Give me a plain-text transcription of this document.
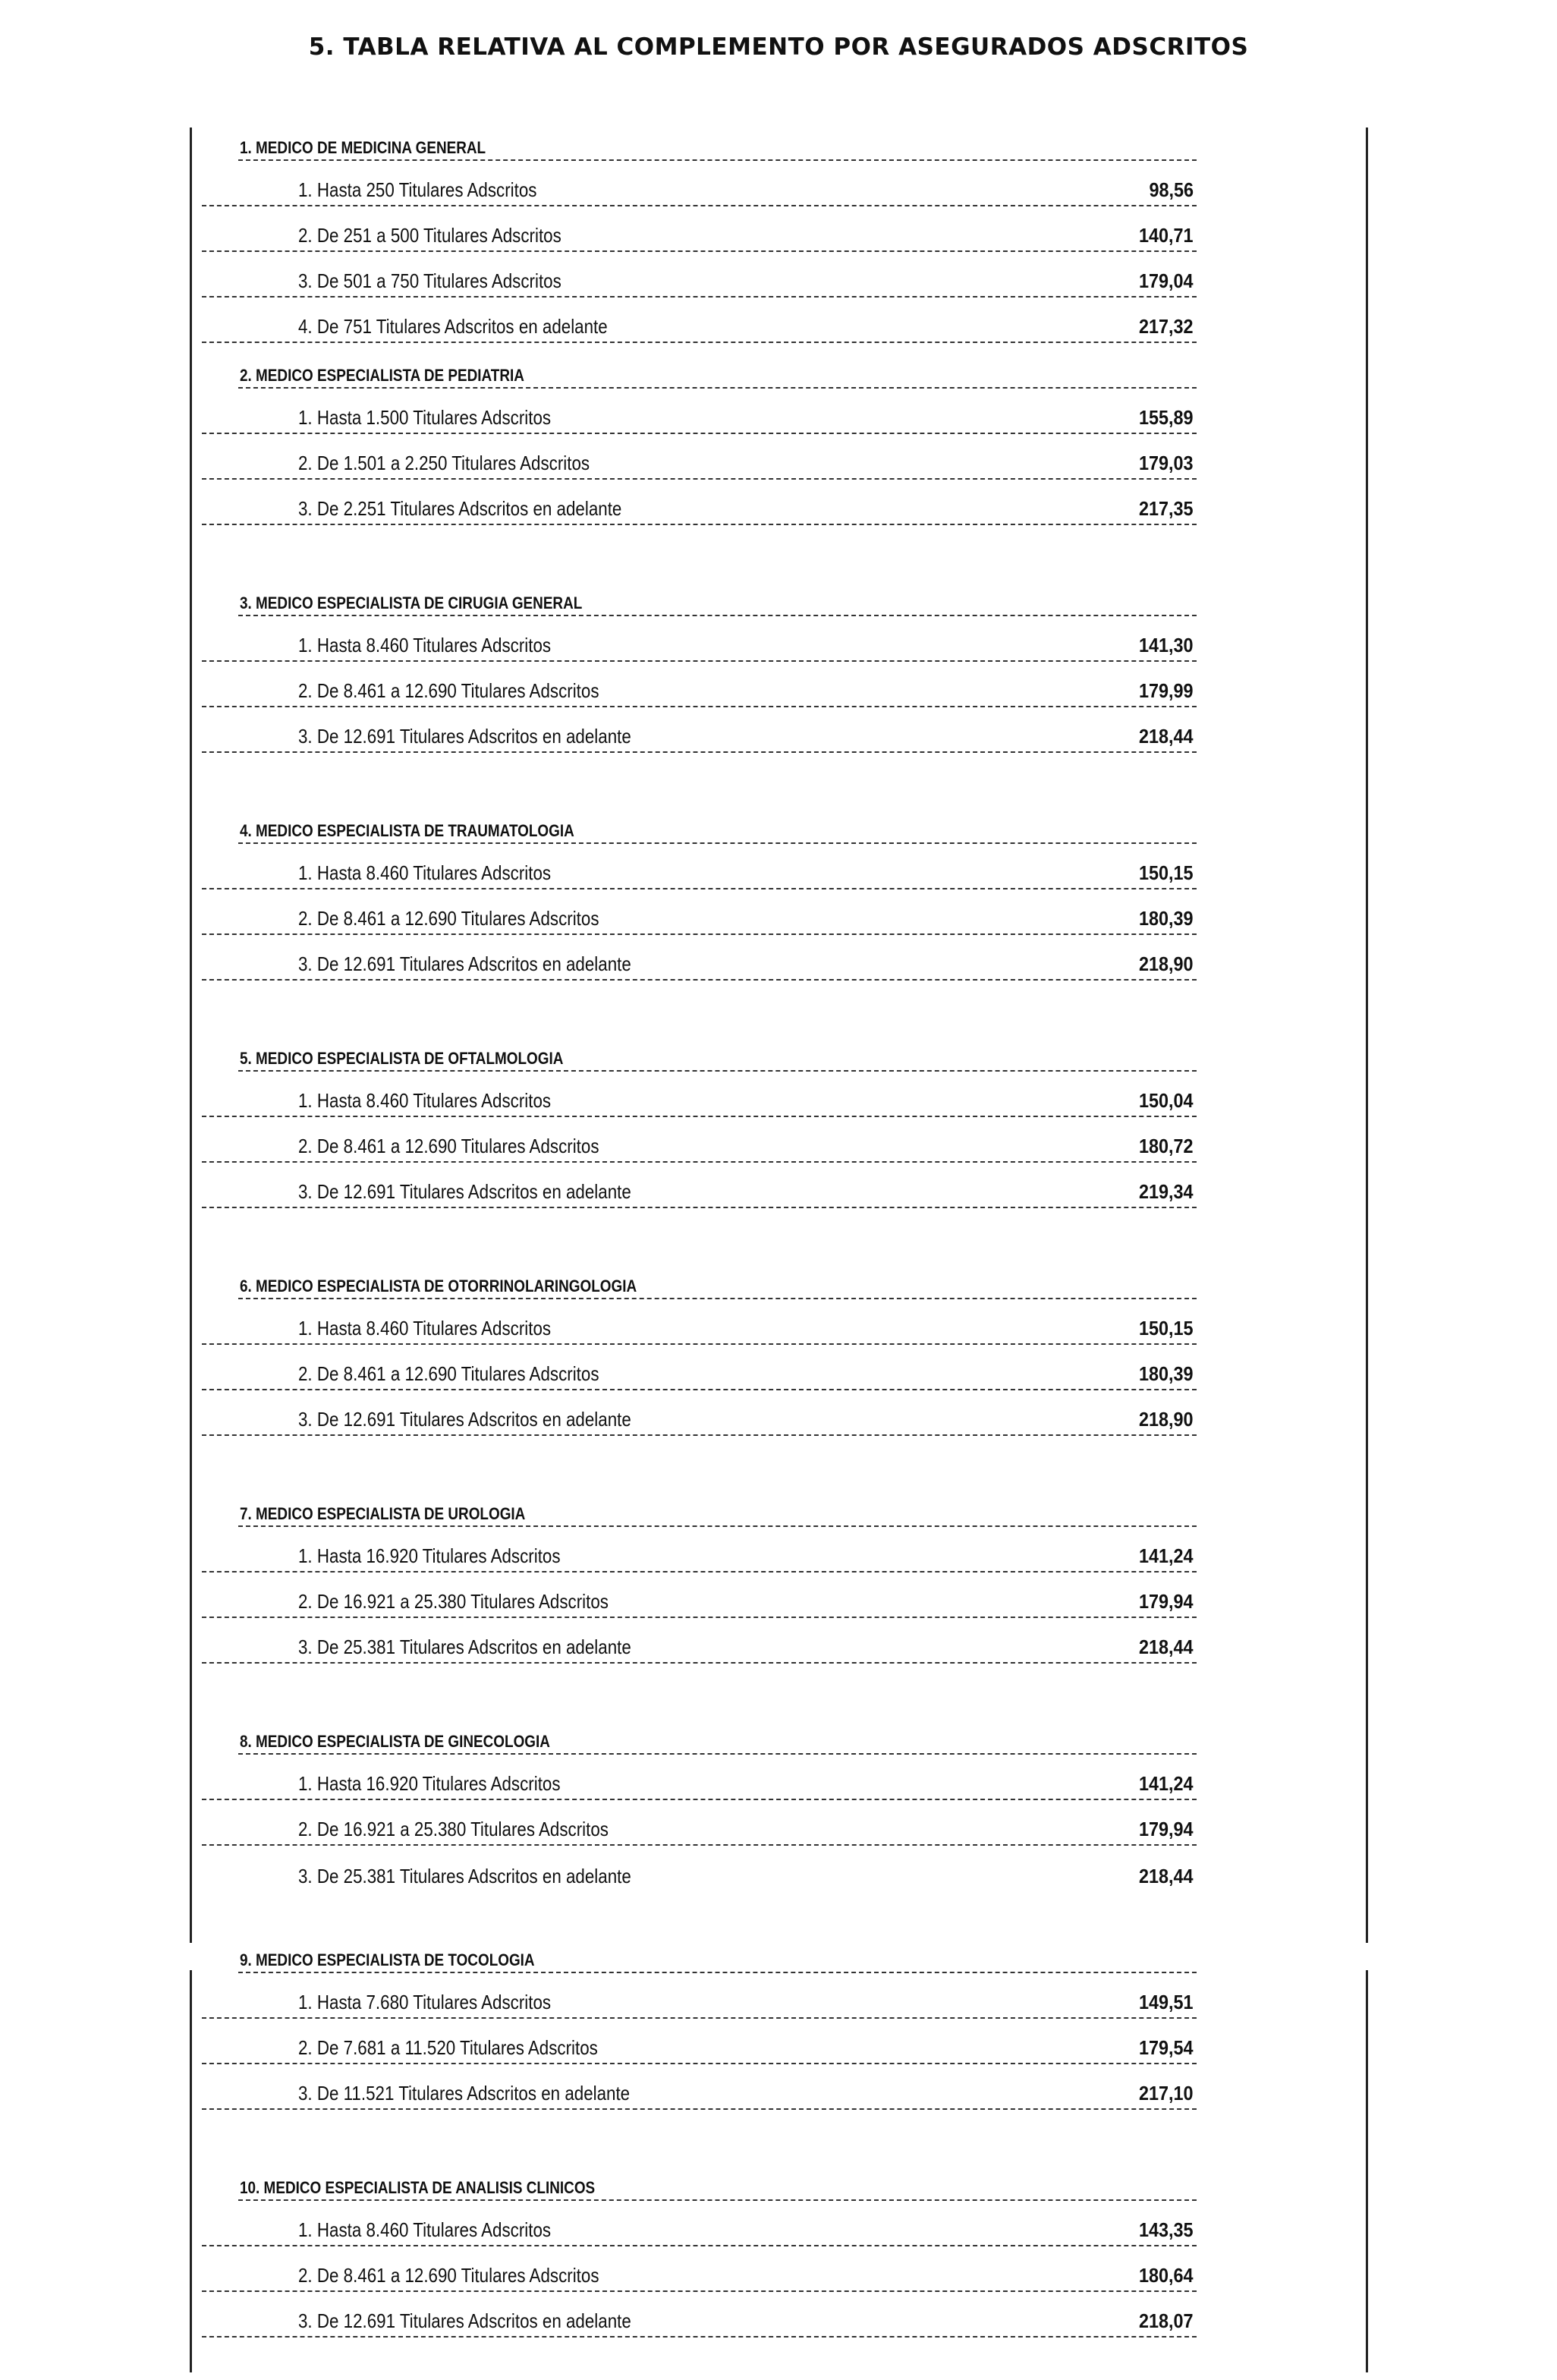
5. TABLA RELATIVA AL COMPLEMENTO POR ASEGURADOS ADSCRITOS
1. MEDICO DE MEDICINA GENERAL
1. Hasta 250 Titulares Adscritos	98,56
2. De 251 a 500 Titulares Adscritos	140,71
3. De 501 a 750 Titulares Adscritos	179,04
4. De 751 Titulares Adscritos en adelante	217,32
2. MEDICO ESPECIALISTA DE PEDIATRIA
1. Hasta 1.500 Titulares Adscritos	155,89
2. De 1.501 a 2.250 Titulares Adscritos	179,03
3. De 2.251 Titulares Adscritos en adelante	217,35
3. MEDICO ESPECIALISTA DE CIRUGIA GENERAL
1. Hasta 8.460 Titulares Adscritos	141,30
2. De 8.461 a 12.690 Titulares Adscritos	179,99
3. De 12.691 Titulares Adscritos en adelante	218,44
4. MEDICO ESPECIALISTA DE TRAUMATOLOGIA
1. Hasta 8.460 Titulares Adscritos	150,15
2. De 8.461 a 12.690 Titulares Adscritos	180,39
3. De 12.691 Titulares Adscritos en adelante	218,90
5. MEDICO ESPECIALISTA DE OFTALMOLOGIA
1. Hasta 8.460 Titulares Adscritos	150,04
2. De 8.461 a 12.690 Titulares Adscritos	180,72
3. De 12.691 Titulares Adscritos en adelante	219,34
6. MEDICO ESPECIALISTA DE OTORRINOLARINGOLOGIA
1. Hasta 8.460 Titulares Adscritos	150,15
2. De 8.461 a 12.690 Titulares Adscritos	180,39
3. De 12.691 Titulares Adscritos en adelante	218,90
7. MEDICO ESPECIALISTA DE UROLOGIA
1. Hasta 16.920 Titulares Adscritos	141,24
2. De 16.921 a 25.380 Titulares Adscritos	179,94
3. De 25.381 Titulares Adscritos en adelante	218,44
8. MEDICO ESPECIALISTA DE GINECOLOGIA
1. Hasta 16.920 Titulares Adscritos	141,24
2. De 16.921 a 25.380 Titulares Adscritos	179,94
3. De 25.381 Titulares Adscritos en adelante	218,44
9. MEDICO ESPECIALISTA DE TOCOLOGIA
1. Hasta 7.680 Titulares Adscritos	149,51
2. De 7.681 a 11.520 Titulares Adscritos	179,54
3. De 11.521 Titulares Adscritos en adelante	217,10
10. MEDICO ESPECIALISTA DE ANALISIS CLINICOS
1. Hasta 8.460 Titulares Adscritos	143,35
2. De 8.461 a 12.690 Titulares Adscritos	180,64
3. De 12.691 Titulares Adscritos en adelante	218,07
